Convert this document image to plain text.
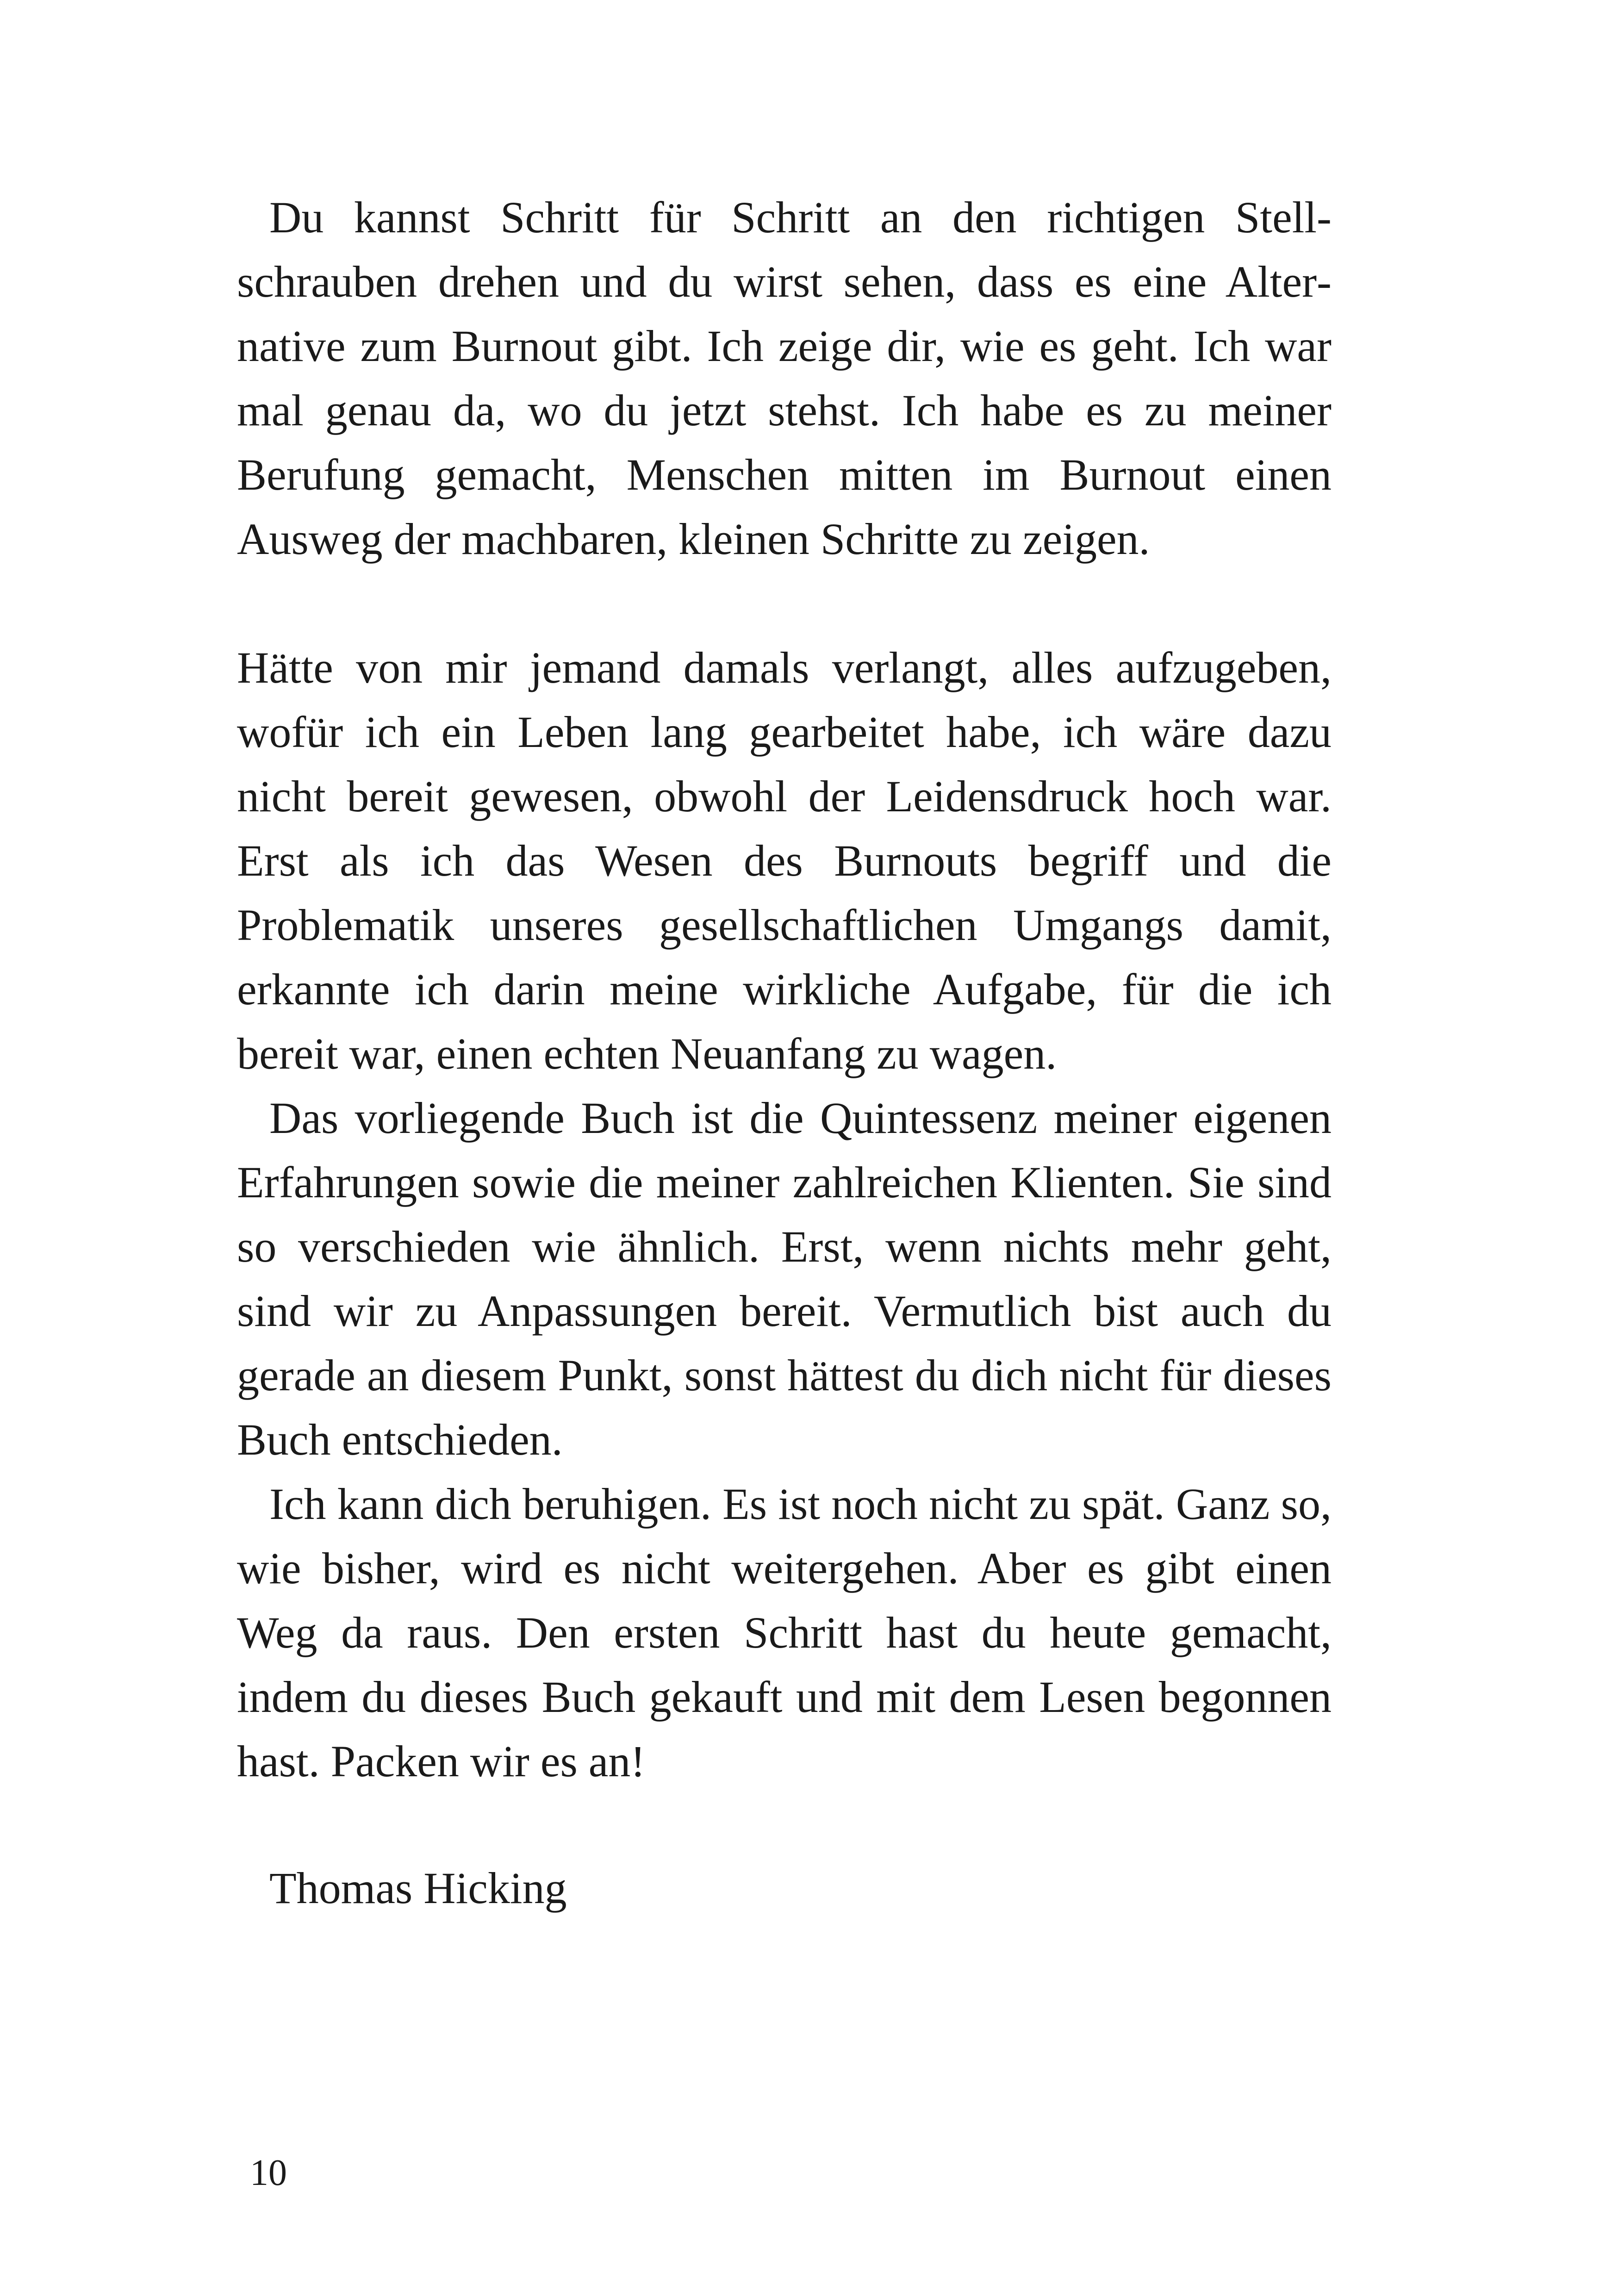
Du kannst Schritt für Schritt an den richtigen Stellschrauben drehen und du wirst sehen, dass es eine Alternative zum Burnout gibt. Ich zeige dir, wie es geht. Ich war mal genau da, wo du jetzt stehst. Ich habe es zu meiner Berufung gemacht, Menschen mitten im Burnout einen Ausweg der machbaren, kleinen Schritte zu zeigen.

Hätte von mir jemand damals verlangt, alles aufzugeben, wofür ich ein Leben lang gearbeitet habe, ich wäre dazu nicht bereit gewesen, obwohl der Leidensdruck hoch war. Erst als ich das Wesen des Burnouts begriff und die Problematik unseres gesellschaftlichen Umgangs damit, erkannte ich darin meine wirkliche Aufgabe, für die ich bereit war, einen echten Neuanfang zu wagen.

Das vorliegende Buch ist die Quintessenz meiner eigenen Erfahrungen sowie die meiner zahlreichen Klienten. Sie sind so verschieden wie ähnlich. Erst, wenn nichts mehr geht, sind wir zu Anpassungen bereit. Vermutlich bist auch du gerade an diesem Punkt, sonst hättest du dich nicht für dieses Buch entschieden.

Ich kann dich beruhigen. Es ist noch nicht zu spät. Ganz so, wie bisher, wird es nicht weitergehen. Aber es gibt einen Weg da raus. Den ersten Schritt hast du heute gemacht, indem du dieses Buch gekauft und mit dem Lesen begonnen hast. Packen wir es an!

Thomas Hicking
10
